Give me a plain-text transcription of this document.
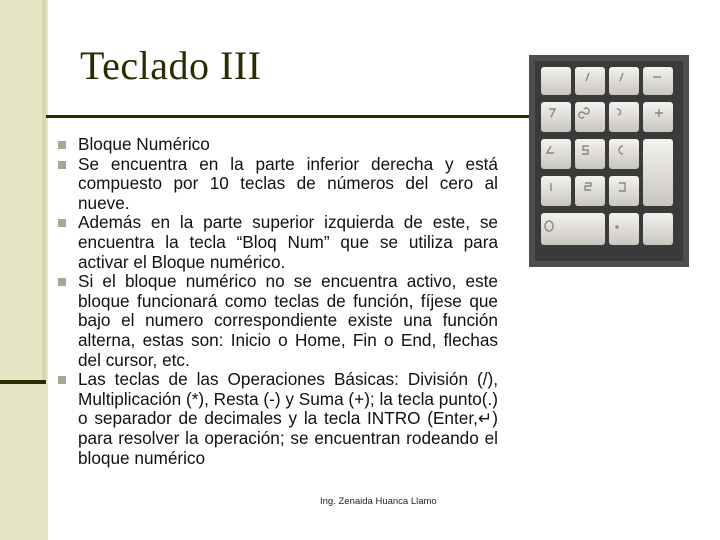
Teclado III
Bloque Numérico
Se encuentra en la parte inferior derecha y está compuesto por 10 teclas de números del cero al nueve.
Además en la parte superior izquierda de este, se encuentra la tecla “Bloq Num” que se utiliza para activar el Bloque numérico.
Si el bloque numérico no se encuentra activo, este bloque funcionará como teclas de función, fíjese que bajo el numero correspondiente existe una función alterna, estas son: Inicio o Home, Fin o End, flechas del cursor, etc.
Las teclas de las Operaciones Básicas: División (/), Multiplicación (*), Resta (-) y Suma (+); la tecla punto(.) o separador de decimales y la tecla INTRO (Enter,↵) para resolver la operación; se encuentran rodeando el bloque numérico
Ing. Zenaida Huanca Llamo
